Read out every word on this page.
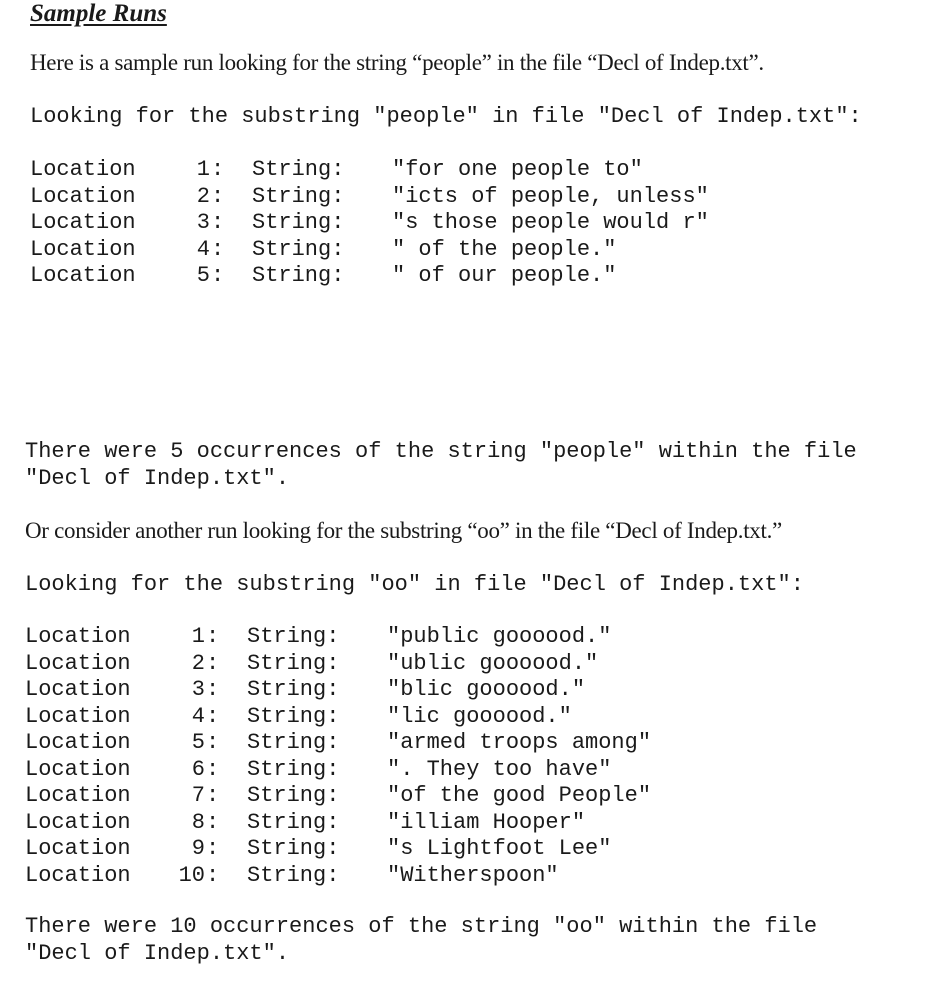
Sample Runs
Here is a sample run looking for the string “people” in the file “Decl of Indep.txt”.
Looking for the substring "people" in file "Decl of Indep.txt":
Location	1 : String: "for one people to"
Location	2 : String: "icts of people, unless"
Location	3 : String: "s those people would r"
Location	4 : String: " of the people."
Location	5 : String: " of our people."
There were 5 occurrences of the string "people" within the file
"Decl of Indep.txt".
Or consider another run looking for the substring “oo” in the file “Decl of Indep.txt.”
Looking for the substring "oo" in file "Decl of Indep.txt":
Location	1 : String: "public goooood."
Location	2 : String: "ublic goooood."
Location	3 : String: "blic goooood."
Location	4 : String: "lic goooood."
Location	5 : String: "armed troops among"
Location	6 : String: ". They too have"
Location	7 : String: "of the good People"
Location	8 : String: "illiam Hooper"
Location	9 : String: "s Lightfoot Lee"
Location	10 : String: "Witherspoon"
There were 10 occurrences of the string "oo" within the file
"Decl of Indep.txt".
